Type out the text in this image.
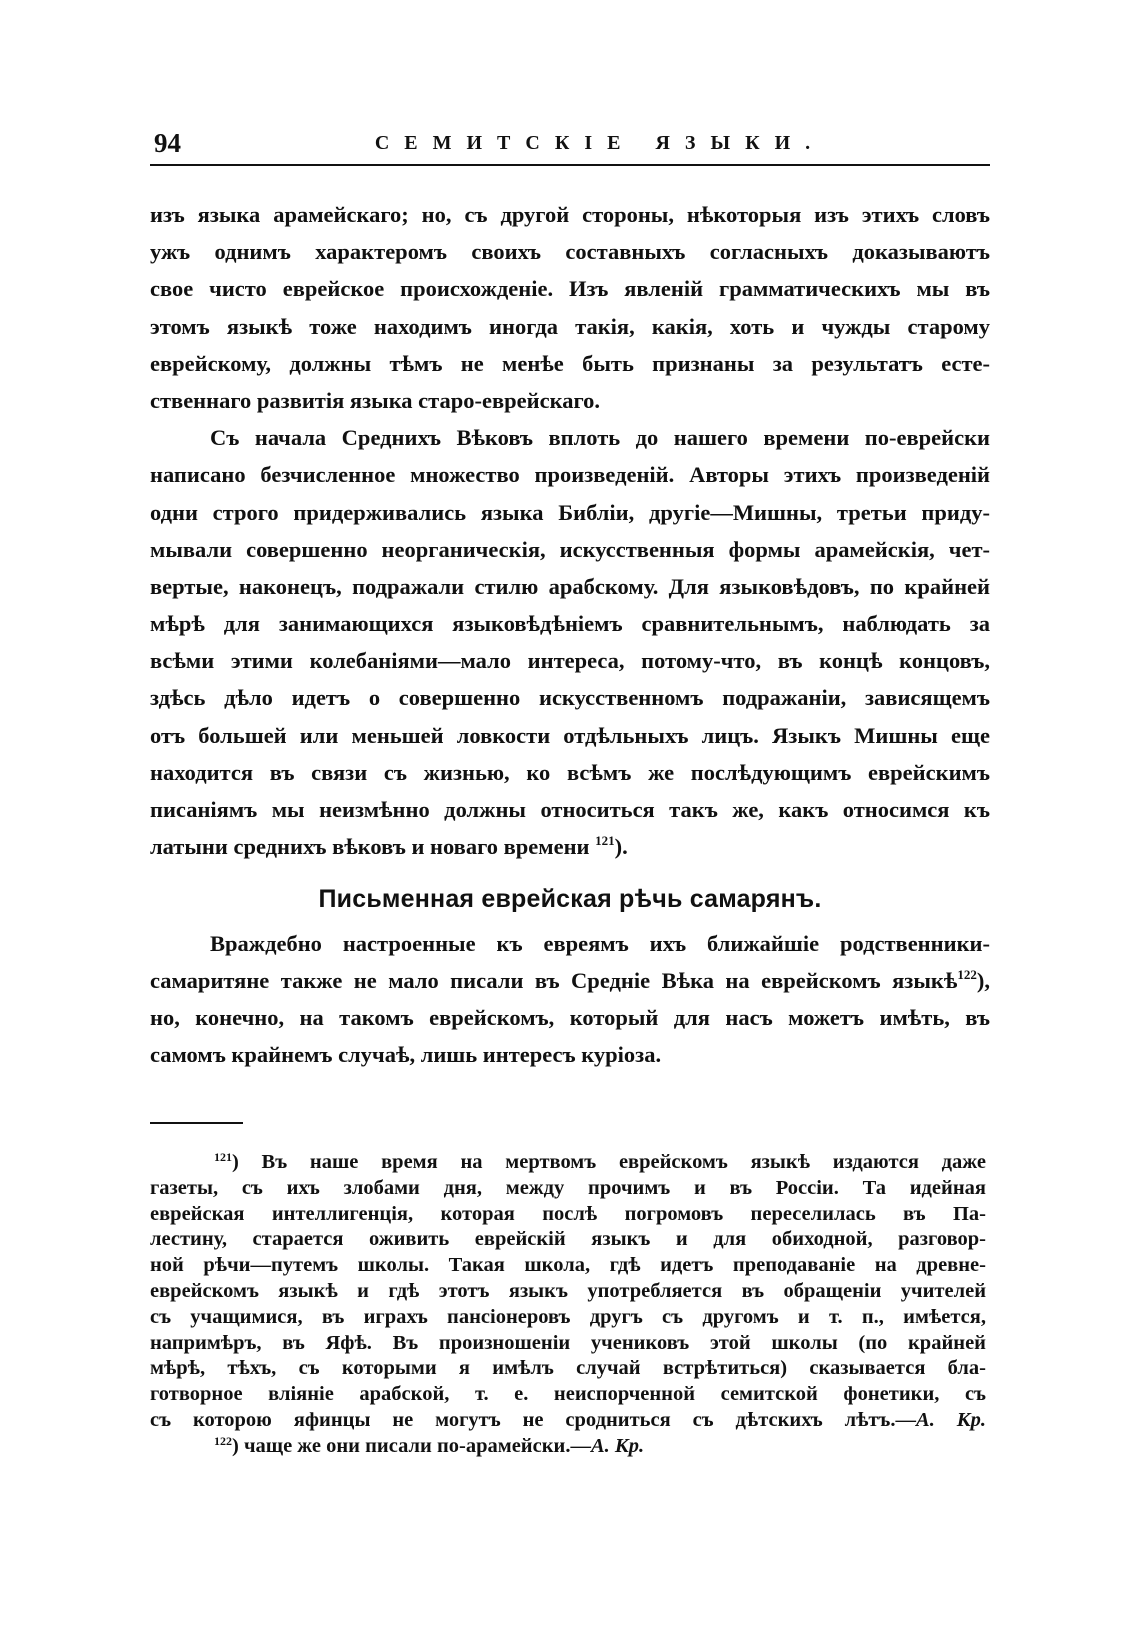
94	СЕМИТСКІЕ ЯЗЫКИ.
изъ языка арамейскаго; но, съ другой стороны, нѣкоторыя изъ этихъ словъ
ужъ однимъ характеромъ своихъ составныхъ согласныхъ доказываютъ
свое чисто еврейское происхожденіе. Изъ явленій грамматическихъ мы въ
этомъ языкѣ тоже находимъ иногда такія, какія, хоть и чужды старому
еврейскому, должны тѣмъ не менѣе быть признаны за результатъ есте-
ственнаго развитія языка старо-еврейскаго.
Съ начала Среднихъ Вѣковъ вплоть до нашего времени по-еврейски
написано безчисленное множество произведеній. Авторы этихъ произведеній
одни строго придерживались языка Библіи, другіе—Мишны, третьи приду-
мывали совершенно неорганическія, искусственныя формы арамейскія, чет-
вертые, наконецъ, подражали стилю арабскому. Для языковѣдовъ, по крайней
мѣрѣ для занимающихся языковѣдѣніемъ сравнительнымъ, наблюдать за
всѣми этими колебаніями—мало интереса, потому-что, въ концѣ концовъ,
здѣсь дѣло идетъ о совершенно искусственномъ подражаніи, зависящемъ
отъ большей или меньшей ловкости отдѣльныхъ лицъ. Языкъ Мишны еще
находится въ связи съ жизнью, ко всѣмъ же послѣдующимъ еврейскимъ
писаніямъ мы неизмѣнно должны относиться такъ же, какъ относимся къ
латыни среднихъ вѣковъ и новаго времени $^{121}$).
Письменная еврейская рѣчь самарянъ.
Враждебно настроенные къ евреямъ ихъ ближайшіе родственники-
самаритяне также не мало писали въ Средніе Вѣка на еврейскомъ языкѣ$^{122}$),
но, конечно, на такомъ еврейскомъ, который для насъ можетъ имѣть, въ
самомъ крайнемъ случаѣ, лишь интересъ куріоза.
$^{121}$) Въ наше время на мертвомъ еврейскомъ языкѣ издаются даже
газеты, съ ихъ злобами дня, между прочимъ и въ Россіи. Та идейная
еврейская интеллигенція, которая послѣ погромовъ переселилась въ Па-
лестину, старается оживить еврейскій языкъ и для обиходной, разговор-
ной рѣчи—путемъ школы. Такая школа, гдѣ идетъ преподаваніе на древне-
еврейскомъ языкѣ и гдѣ этотъ языкъ употребляется въ обращеніи учителей
съ учащимися, въ играхъ пансіонеровъ другъ съ другомъ и т. п., имѣется,
напримѣръ, въ Яфѣ. Въ произношеніи учениковъ этой школы (по крайней
мѣрѣ, тѣхъ, съ которыми я имѣлъ случай встрѣтиться) сказывается бла-
готворное вліяніе арабской, т. е. неиспорченной семитской фонетики, съ
съ которою яфинцы не могутъ не сродниться съ дѣтскихъ лѣтъ.—А. Кр.
$^{122}$) чаще же они писали по-арамейски.—А. Кр.
